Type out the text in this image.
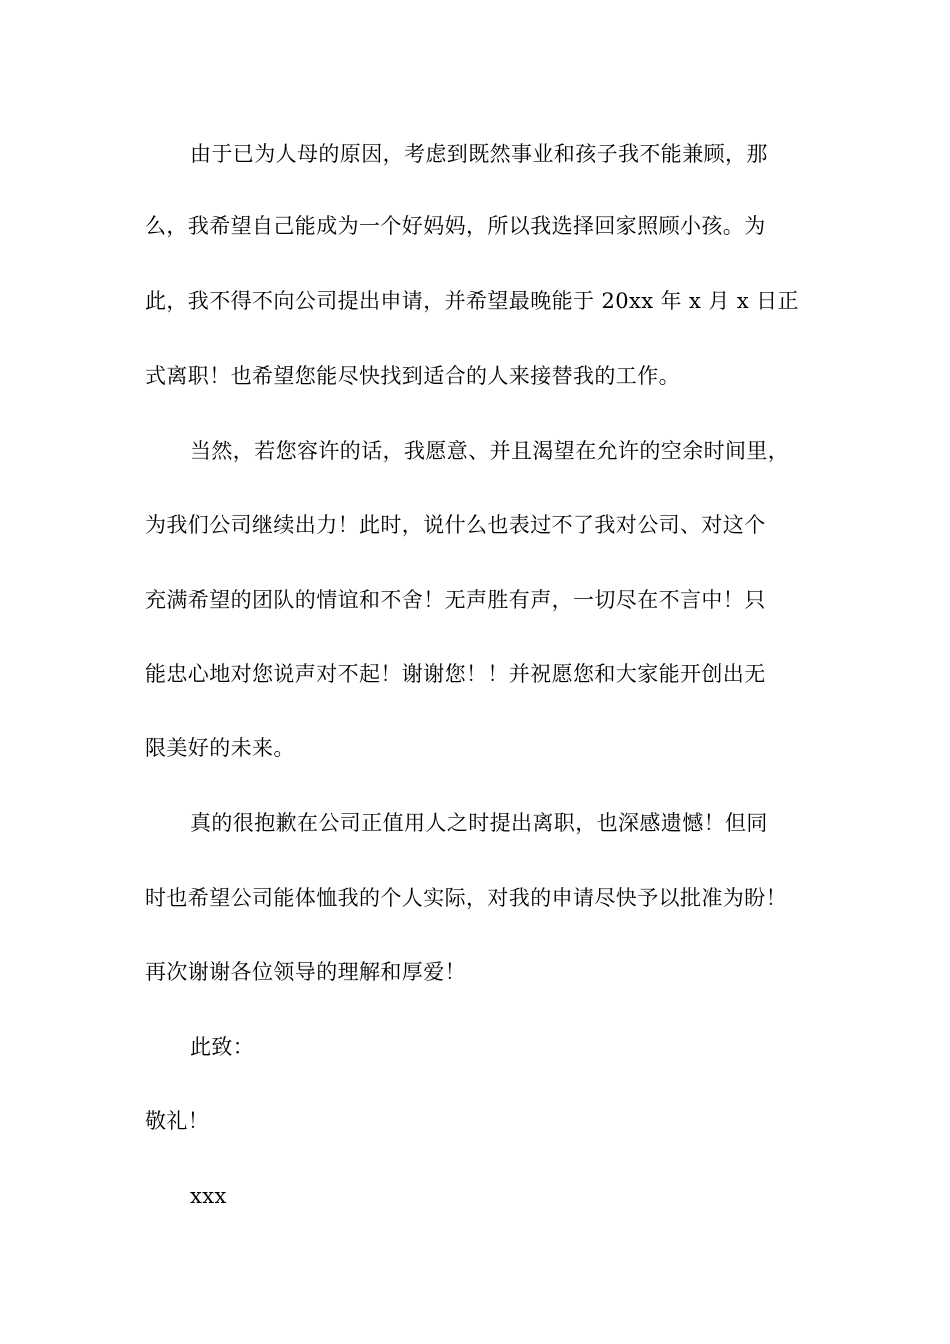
由于已为人母的原因，考虑到既然事业和孩子我不能兼顾，那
么，我希望自己能成为一个好妈妈，所以我选择回家照顾小孩。为
此，我不得不向公司提出申请，并希望最晚能于 20xx 年 x 月 x 日正
式离职！也希望您能尽快找到适合的人来接替我的工作。
当然，若您容许的话，我愿意、并且渴望在允许的空余时间里，
为我们公司继续出力！此时，说什么也表过不了我对公司、对这个
充满希望的团队的情谊和不舍！无声胜有声，一切尽在不言中！只
能忠心地对您说声对不起！谢谢您！！并祝愿您和大家能开创出无
限美好的未来。
真的很抱歉在公司正值用人之时提出离职，也深感遗憾！但同
时也希望公司能体恤我的个人实际，对我的申请尽快予以批准为盼！
再次谢谢各位领导的理解和厚爱！
此致：
敬礼！
xxx
